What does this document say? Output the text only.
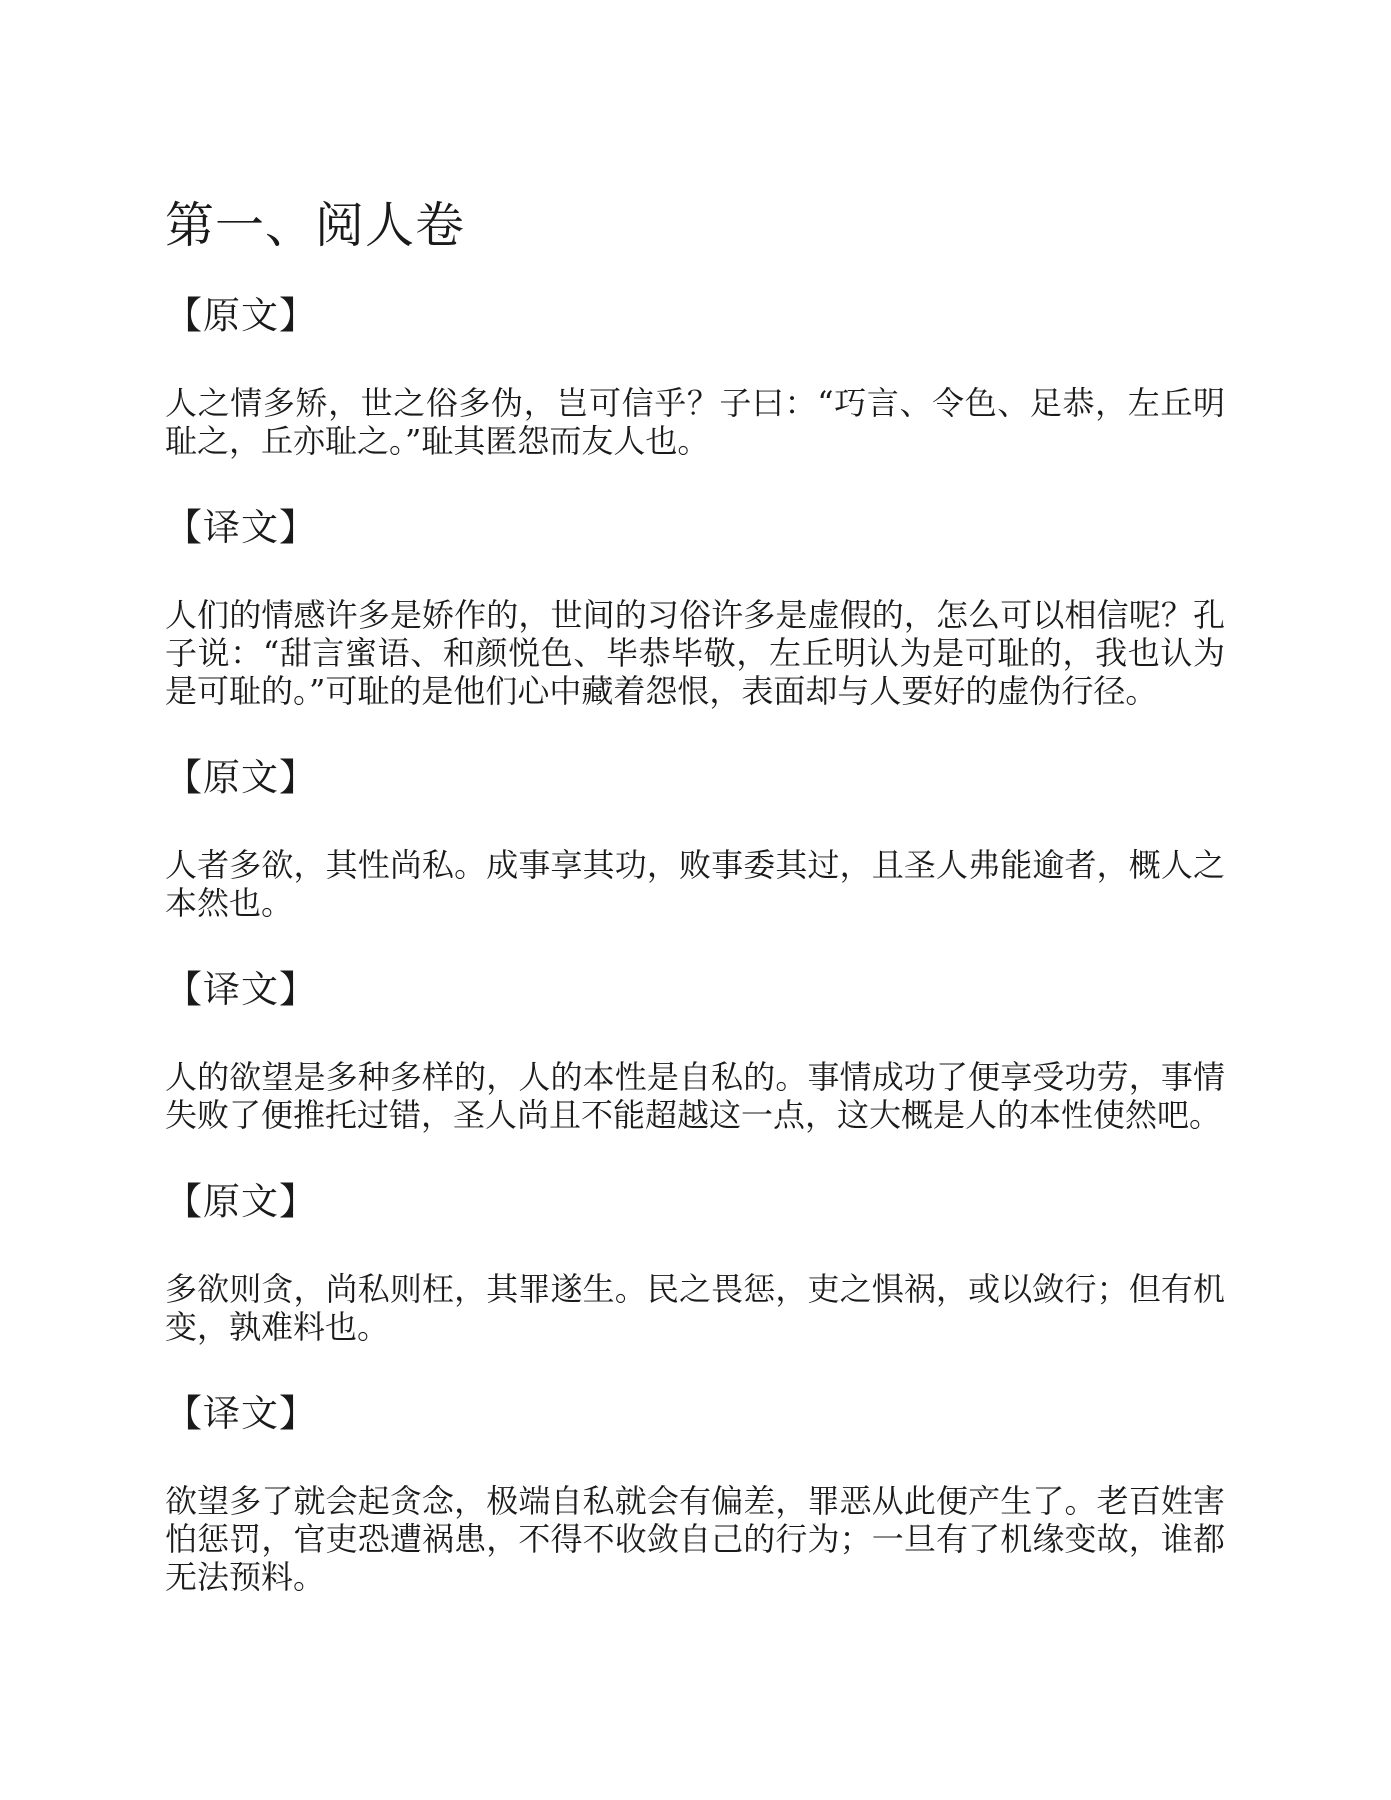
第一、阅人卷
【原文】

人之情多矫，世之俗多伪，岂可信乎？子曰：“巧言、令色、足恭，左丘明耻之，丘亦耻之。”耻其匿怨而友人也。

【译文】

人们的情感许多是娇作的，世间的习俗许多是虚假的，怎么可以相信呢？孔子说：“甜言蜜语、和颜悦色、毕恭毕敬，左丘明认为是可耻的，我也认为是可耻的。”可耻的是他们心中藏着怨恨，表面却与人要好的虚伪行径。

【原文】

人者多欲，其性尚私。成事享其功，败事委其过，且圣人弗能逾者，概人之本然也。

【译文】

人的欲望是多种多样的，人的本性是自私的。事情成功了便享受功劳，事情失败了便推托过错，圣人尚且不能超越这一点，这大概是人的本性使然吧。

【原文】

多欲则贪，尚私则枉，其罪遂生。民之畏惩，吏之惧祸，或以敛行；但有机变，孰难料也。

【译文】

欲望多了就会起贪念，极端自私就会有偏差，罪恶从此便产生了。老百姓害怕惩罚，官吏恐遭祸患，不得不收敛自己的行为；一旦有了机缘变故，谁都无法预料。
